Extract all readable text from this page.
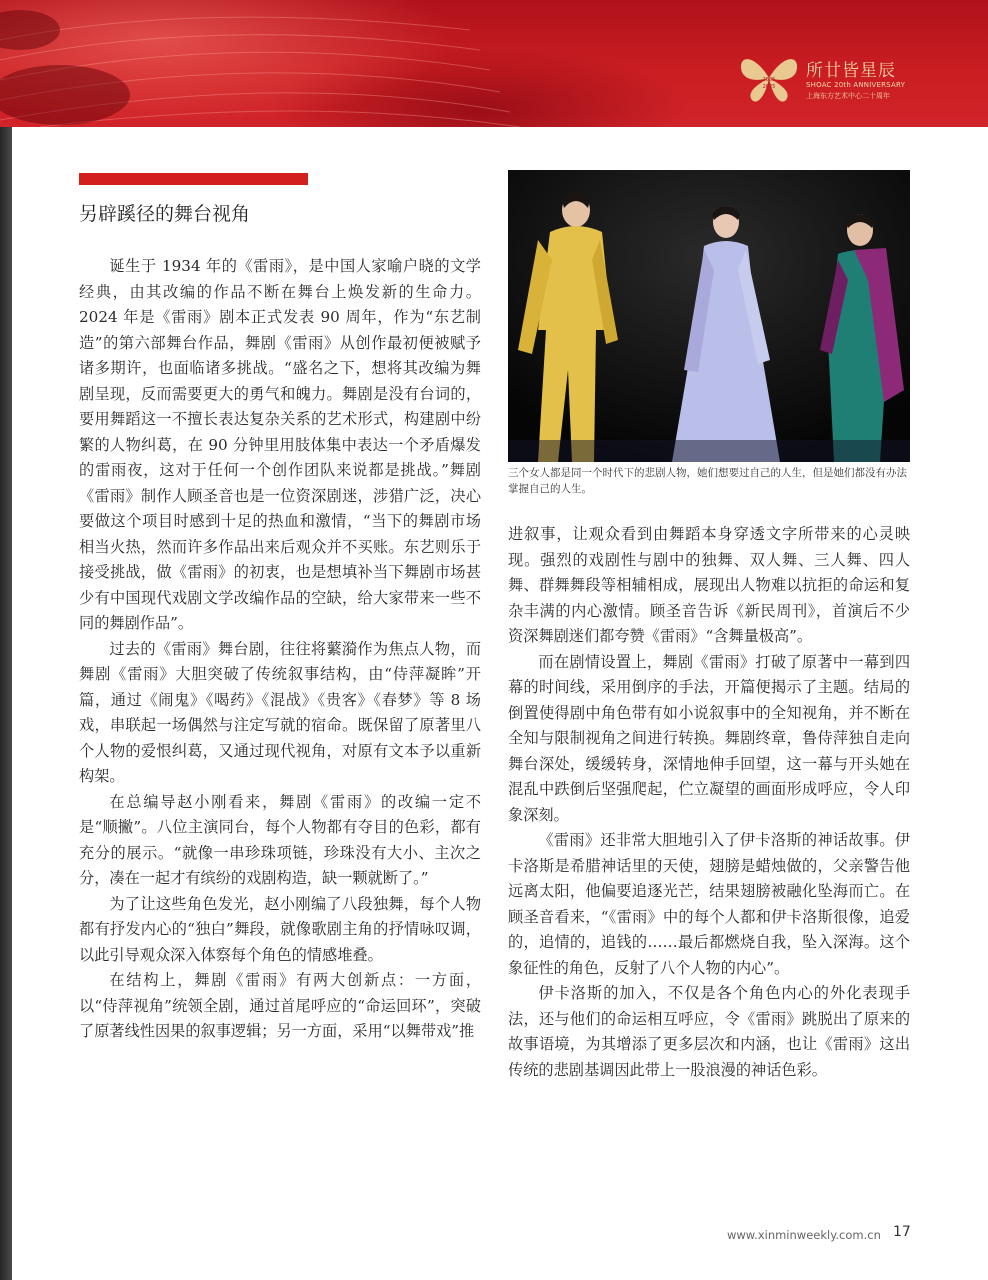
2005
2025
所廿皆星辰
SHOAC 20th ANNIVERSARY
上海东方艺术中心二十周年
另辟蹊径的舞台视角

诞生于 1934 年的《雷雨》，是中国人家喻户晓的文学经典，由其改编的作品不断在舞台上焕发新的生命力。2024 年是《雷雨》剧本正式发表 90 周年，作为“东艺制造”的第六部舞台作品，舞剧《雷雨》从创作最初便被赋予诸多期许，也面临诸多挑战。“盛名之下，想将其改编为舞剧呈现，反而需要更大的勇气和魄力。舞剧是没有台词的，要用舞蹈这一不擅长表达复杂关系的艺术形式，构建剧中纷繁的人物纠葛，在 90 分钟里用肢体集中表达一个矛盾爆发的雷雨夜，这对于任何一个创作团队来说都是挑战。”舞剧《雷雨》制作人顾圣音也是一位资深剧迷，涉猎广泛，决心要做这个项目时感到十足的热血和激情，“当下的舞剧市场相当火热，然而许多作品出来后观众并不买账。东艺则乐于接受挑战，做《雷雨》的初衷，也是想填补当下舞剧市场甚少有中国现代戏剧文学改编作品的空缺，给大家带来一些不同的舞剧作品”。

过去的《雷雨》舞台剧，往往将蘩漪作为焦点人物，而舞剧《雷雨》大胆突破了传统叙事结构，由“侍萍凝眸”开篇，通过《闹鬼》《喝药》《混战》《贵客》《春梦》等 8 场戏，串联起一场偶然与注定写就的宿命。既保留了原著里八个人物的爱恨纠葛，又通过现代视角，对原有文本予以重新构架。

在总编导赵小刚看来，舞剧《雷雨》的改编一定不是“顺撇”。八位主演同台，每个人物都有夺目的色彩，都有充分的展示。“就像一串珍珠项链，珍珠没有大小、主次之分，凑在一起才有缤纷的戏剧构造，缺一颗就断了。”

为了让这些角色发光，赵小刚编了八段独舞，每个人物都有抒发内心的“独白”舞段，就像歌剧主角的抒情咏叹调，以此引导观众深入体察每个角色的情感堆叠。

在结构上，舞剧《雷雨》有两大创新点：一方面，以“侍萍视角”统领全剧，通过首尾呼应的“命运回环”，突破了原著线性因果的叙事逻辑；另一方面，采用“以舞带戏”推

三个女人都是同一个时代下的悲剧人物，她们想要过自己的人生，但是她们都没有办法掌握自己的人生。

进叙事，让观众看到由舞蹈本身穿透文字所带来的心灵映现。强烈的戏剧性与剧中的独舞、双人舞、三人舞、四人舞、群舞舞段等相辅相成，展现出人物难以抗拒的命运和复杂丰满的内心激情。顾圣音告诉《新民周刊》，首演后不少资深舞剧迷们都夸赞《雷雨》“含舞量极高”。

而在剧情设置上，舞剧《雷雨》打破了原著中一幕到四幕的时间线，采用倒序的手法，开篇便揭示了主题。结局的倒置使得剧中角色带有如小说叙事中的全知视角，并不断在全知与限制视角之间进行转换。舞剧终章，鲁侍萍独自走向舞台深处，缓缓转身，深情地伸手回望，这一幕与开头她在混乱中跌倒后坚强爬起，伫立凝望的画面形成呼应，令人印象深刻。

《雷雨》还非常大胆地引入了伊卡洛斯的神话故事。伊卡洛斯是希腊神话里的天使，翅膀是蜡烛做的，父亲警告他远离太阳，他偏要追逐光芒，结果翅膀被融化坠海而亡。在顾圣音看来，“《雷雨》中的每个人都和伊卡洛斯很像，追爱的，追情的，追钱的……最后都燃烧自我，坠入深海。这个象征性的角色，反射了八个人物的内心”。

伊卡洛斯的加入，不仅是各个角色内心的外化表现手法，还与他们的命运相互呼应，令《雷雨》跳脱出了原来的故事语境，为其增添了更多层次和内涵，也让《雷雨》这出传统的悲剧基调因此带上一股浪漫的神话色彩。

www.xinminweekly.com.cn 17
